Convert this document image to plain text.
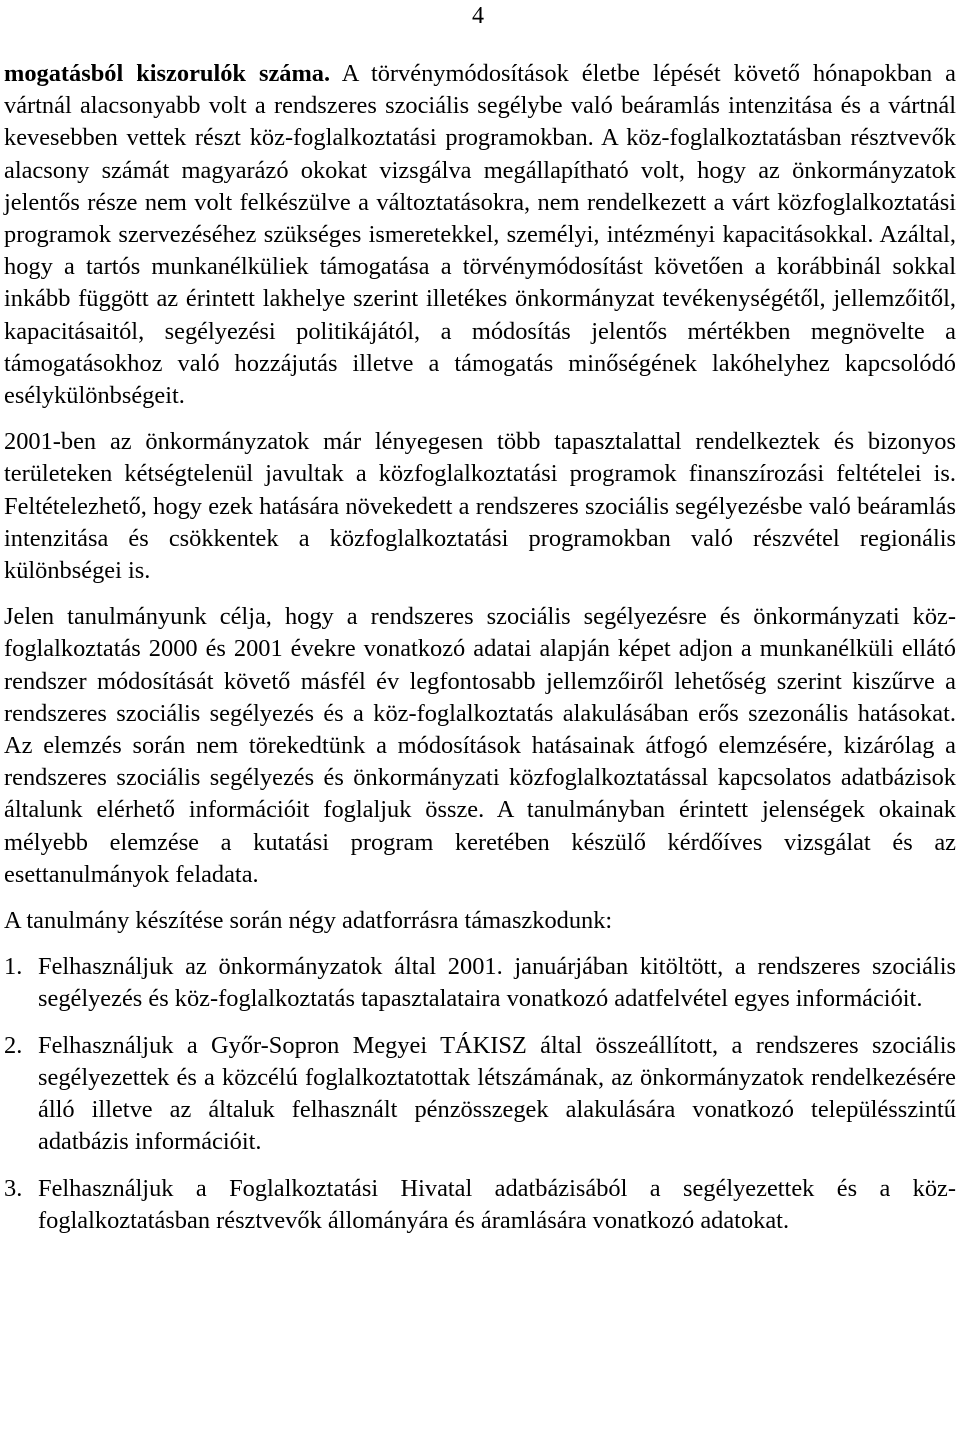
4

mogatásból kiszorulók száma. A törvénymódosítások életbe lépését követő hónapokban a vártnál alacsonyabb volt a rendszeres szociális segélybe való beáramlás intenzitása és a vártnál kevesebben vettek részt köz-foglalkoztatási programokban. A köz-foglalkoztatásban résztvevők alacsony számát magyarázó okokat vizsgálva megállapítható volt, hogy az önkormányzatok jelentős része nem volt felkészülve a változtatásokra, nem rendelkezett a várt közfoglalkoztatási programok szervezéséhez szükséges ismeretekkel, személyi, intézményi kapacitásokkal. Azáltal, hogy a tartós munkanélküliek támogatása a törvénymódosítást követően a korábbinál sokkal inkább függött az érintett lakhelye szerint illetékes önkormányzat tevékenységétől, jellemzőitől, kapacitásaitól, segélyezési politikájától, a módosítás jelentős mértékben megnövelte a támogatásokhoz való hozzájutás illetve a támogatás minőségének lakóhelyhez kapcsolódó esélykülönbségeit.

2001-ben az önkormányzatok már lényegesen több tapasztalattal rendelkeztek és bizonyos területeken kétségtelenül javultak a közfoglalkoztatási programok finanszírozási feltételei is. Feltételezhető, hogy ezek hatására növekedett a rendszeres szociális segélyezésbe való beáramlás intenzitása és csökkentek a közfoglalkoztatási programokban való részvétel regionális különbségei is.

Jelen tanulmányunk célja, hogy a rendszeres szociális segélyezésre és önkormányzati köz-foglalkoztatás 2000 és 2001 évekre vonatkozó adatai alapján képet adjon a munkanélküli ellátó rendszer módosítását követő másfél év legfontosabb jellemzőiről lehetőség szerint kiszűrve a rendszeres szociális segélyezés és a köz-foglalkoztatás alakulásában erős szezonális hatásokat. Az elemzés során nem törekedtünk a módosítások hatásainak átfogó elemzésére, kizárólag a rendszeres szociális segélyezés és önkormányzati közfoglalkoztatással kapcsolatos adatbázisok általunk elérhető információit foglaljuk össze. A tanulmányban érintett jelenségek okainak mélyebb elemzése a kutatási program keretében készülő kérdőíves vizsgálat és az esettanulmányok feladata.

A tanulmány készítése során négy adatforrásra támaszkodunk:

1. Felhasználjuk az önkormányzatok által 2001. januárjában kitöltött, a rendszeres szociális segélyezés és köz-foglalkoztatás tapasztalataira vonatkozó adatfelvétel egyes információit.
2. Felhasználjuk a Győr-Sopron Megyei TÁKISZ által összeállított, a rendszeres szociális segélyezettek és a közcélú foglalkoztatottak létszámának, az önkormányzatok rendelkezésére álló illetve az általuk felhasznált pénzösszegek alakulására vonatkozó településszintű adatbázis információit.
3. Felhasználjuk a Foglalkoztatási Hivatal adatbázisából a segélyezettek és a köz-foglalkoztatásban résztvevők állományára és áramlására vonatkozó adatokat.
